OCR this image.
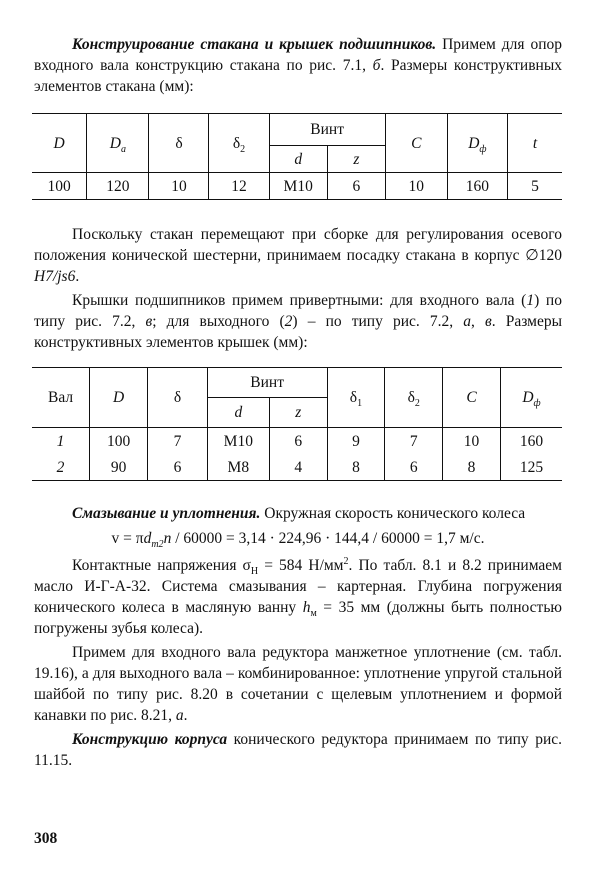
Конструирование стакана и крышек подшипников. Примем для опор входного вала конструкцию стакана по рис. 7.1, б. Размеры конструктивных элементов стакана (мм):

D	$D_a$	δ	$\delta_2$	Винт		C	$D_ф$	t
				d	z			
100	120	10	12	М10	6	10	160	5

Поскольку стакан перемещают при сборке для регулирования осевого положения конической шестерни, принимаем посадку стакана в корпус ∅120 H7/js6.

Крышки подшипников примем привертными: для входного вала (1) по типу рис. 7.2, в; для выходного (2) – по типу рис. 7.2, а, в. Размеры конструктивных элементов крышек (мм):

Вал	D	δ	Винт		$\delta_1$	$\delta_2$	C	$D_ф$
			d	z				
1	100	7	М10	6	9	7	10	160
2	90	6	М8	4	8	6	8	125

Смазывание и уплотнения. Окружная скорость конического колеса

$v = \pi d_{m2}n / 60000 = 3,14 \cdot 224,96 \cdot 144,4 / 60000 = 1,7$ м/с.

Контактные напряжения $\sigma_H = 584$ $Н/мм^2$. По табл. 8.1 и 8.2 принимаем масло И-Г-А-32. Система смазывания – картерная. Глубина погружения конического колеса в масляную ванну $h_м = 35$ мм (должны быть полностью погружены зубья колеса).

Примем для входного вала редуктора манжетное уплотнение (см. табл. 19.16), а для выходного вала – комбинированное: уплотнение упругой стальной шайбой по типу рис. 8.20 в сочетании с щелевым уплотнением и формой канавки по рис. 8.21, а.

Конструкцию корпуса конического редуктора принимаем по типу рис. 11.15.

308
